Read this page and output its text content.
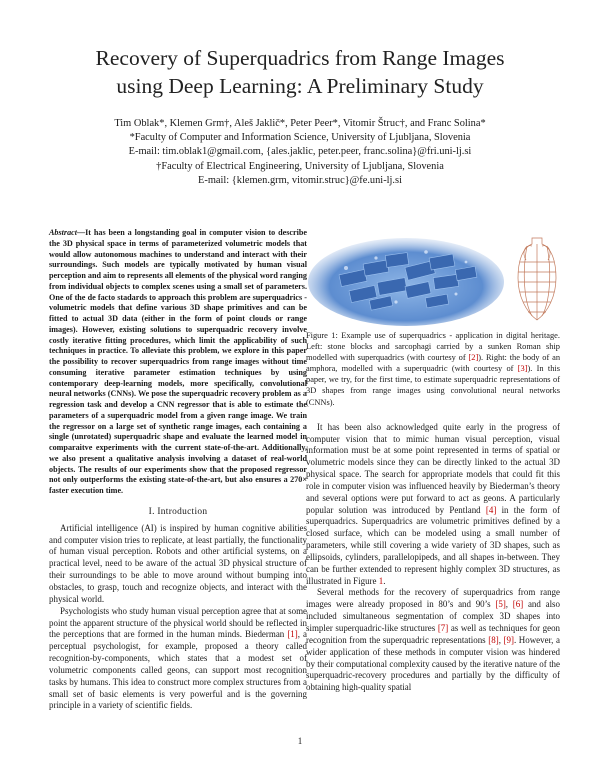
Recovery of Superquadrics from Range Images
using Deep Learning: A Preliminary Study
Tim Oblak*, Klemen Grm†, Aleš Jaklič*, Peter Peer*, Vitomir Štruc†, and Franc Solina*
*Faculty of Computer and Information Science, University of Ljubljana, Slovenia
E-mail: tim.oblak1@gmail.com, {ales.jaklic, peter.peer, franc.solina}@fri.uni-lj.si
†Faculty of Electrical Engineering, University of Ljubljana, Slovenia
E-mail: {klemen.grm, vitomir.struc}@fe.uni-lj.si
Abstract—It has been a longstanding goal in computer vision to describe the 3D physical space in terms of parameterized volumetric models that would allow autonomous machines to understand and interact with their surroundings. Such models are typically motivated by human visual perception and aim to represents all elements of the physical word ranging from individual objects to complex scenes using a small set of parameters. One of the de facto stadards to approach this problem are superquadrics - volumetric models that define various 3D shape primitives and can be fitted to actual 3D data (either in the form of point clouds or range images). However, existing solutions to superquadric recovery involve costly iterative fitting procedures, which limit the applicability of such techniques in practice. To alleviate this problem, we explore in this paper the possibility to recover superquadrics from range images without time consuming iterative parameter estimation techniques by using contemporary deep-learning models, more specifically, convolutional neural networks (CNNs). We pose the superquadric recovery problem as a regression task and develop a CNN regressor that is able to estimate the parameters of a superquadric model from a given range image. We train the regressor on a large set of synthetic range images, each containing a single (unrotated) superquadric shape and evaluate the learned model in comparaitve experiments with the current state-of-the-art. Additionally, we also present a qualitative analysis involving a dataset of real-world objects. The results of our experiments show that the proposed regressor not only outperforms the existing state-of-the-art, but also ensures a 270× faster execution time.
I. Introduction

Artificial intelligence (AI) is inspired by human cognitive abilities and computer vision tries to replicate, at least partially, the functionality of human visual perception. Robots and other artificial systems, on a practical level, need to be aware of the actual 3D physical structure of their surroundings to be able to move around without bumping into obstacles, to grasp, touch and recognize objects, and interact with the physical world.

Psychologists who study human visual perception agree that at some point the apparent structure of the physical world should be reflected in the perceptions that are formed in the human minds. Biederman [1], a perceptual psychologist, for example, proposed a theory called recognition-by-components, which states that a modest set of volumetric components called geons, can support most recognition tasks by humans. This idea to construct more complex structures from a small set of basic elements is very powerful and is the governing principle in a variety of scientific fields.

Figure 1: Example use of superquadrics - application in digital heritage. Left: stone blocks and sarcophagi carried by a sunken Roman ship modelled with superquadrics (with courtesy of [2]). Right: the body of an amphora, modelled with a superquadric (with courtesy of [3]). In this paper, we try, for the first time, to estimate superquadric representations of 3D shapes from range images using convolutional neural networks (CNNs).

It has been also acknowledged quite early in the progress of computer vision that to mimic human visual perception, visual information must be at some point represented in terms of spatial or volumetric models since they can be directly linked to the actual 3D physical space. The search for appropriate models that could fit this role in computer vision was influenced heavily by Biederman’s theory and several options were put forward to act as geons. A particularly popular solution was introduced by Pentland [4] in the form of superquadrics. Superquadrics are volumetric primitives defined by a closed surface, which can be modeled using a small number of parameters, while still covering a wide variety of 3D shapes, such as ellipsoids, cylinders, parallelopipeds, and all shapes in-between. They can be further extended to represent highly complex 3D structures, as illustrated in Figure 1.

Several methods for the recovery of superquadrics from range images were already proposed in 80’s and 90’s [5], [6] and also included simultaneous segmentation of complex 3D shapes into simpler superquadric-like structures [7] as well as techniques for geon recognition from the superquadric representations [8], [9]. However, a wider application of these methods in computer vision was hindered by their computational complexity caused by the iterative nature of the superquadric-recovery procedures and partially by the difficulty of obtaining high-quality spatial

1
